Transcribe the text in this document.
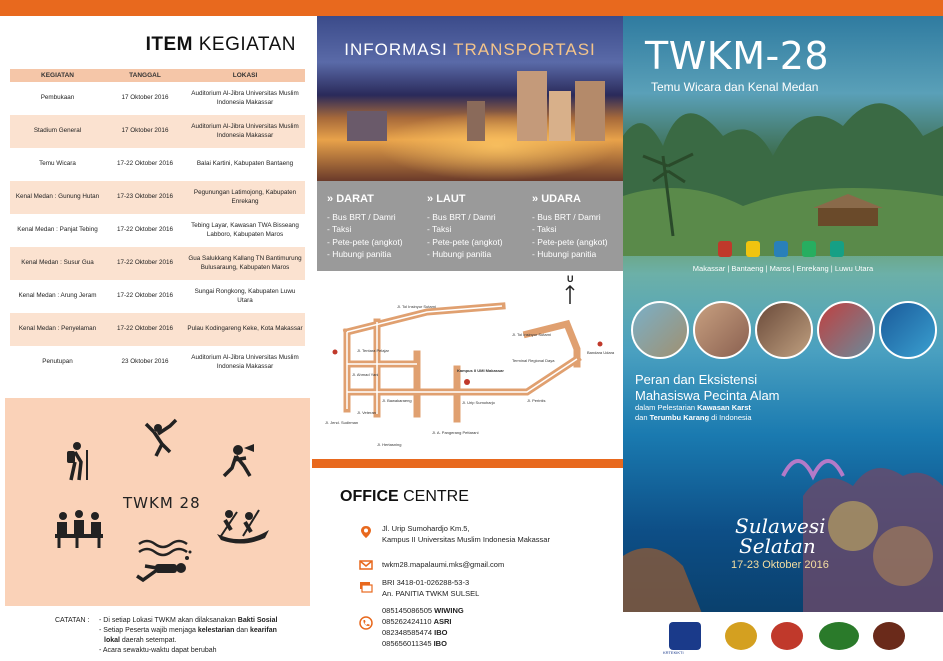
ITEM KEGIATAN
KEGIATAN	TANGGAL	LOKASI
Pembukaan	17 Oktober 2016	Auditorium Al-Jibra Universitas Muslim Indonesia Makassar
Stadium General	17 Oktober 2016	Auditorium Al-Jibra Universitas Muslim Indonesia Makassar
Temu Wicara	17-22 Oktober 2016	Balai Kartini, Kabupaten Bantaeng
Kenal Medan : Gunung Hutan	17-23 Oktober 2016	Pegunungan Latimojong, Kabupaten Enrekang
Kenal Medan : Panjat Tebing	17-22 Oktober 2016	Tebing Layar, Kawasan TWA Bisseang Labboro, Kabupaten Maros
Kenal Medan : Susur Gua	17-22 Oktober 2016	Gua Salukkang Kallang TN Bantimurung Bulusaraung, Kabupaten Maros
Kenal Medan : Arung Jeram	17-22 Oktober 2016	Sungai Rongkong, Kabupaten Luwu Utara
Kenal Medan : Penyelaman	17-22 Oktober 2016	Pulau Kodingareng Keke, Kota Makassar
Penutupan	23 Oktober 2016	Auditorium Al-Jibra Universitas Muslim Indonesia Makassar
TWKM 28
CATATAN :	- Di setiap Lokasi TWKM akan dilaksanakan Bakti Sosial
- Setiap Peserta wajib menjaga kelestarian dan kearifan
lokal daerah setempat.
- Acara sewaktu-waktu dapat berubah
INFORMASI TRANSPORTASI
» DARAT
- Bus BRT / Damri
- Taksi
- Pete-pete (angkot)
- Hubungi panitia
» LAUT
- Bus BRT / Damri
- Taksi
- Pete-pete (angkot)
- Hubungi panitia
» UDARA
- Bus BRT / Damri
- Taksi
- Pete-pete (angkot)
- Hubungi panitia
U
Jl. Tol Insinyur Sutami
Jl. Tol Insinyur Sutami
Jl. Tentara Pelajar
Jl. Ahmad Yani
Jl. Bawakaraeng	Jl. Urip Sumoharjo	Jl. Perintis
Kampus II UMI Makassar
Terminal Regional Daya
Bandara Udara
Jl. Jend. Sudirman
Jl. A. Pangerang Pettarani
Jl. Hertasning
Jl. Veteran
OFFICE CENTRE
Jl. Urip Sumohardjo Km.5,
Kampus II Universitas Muslim Indonesia Makassar
twkm28.mapalaumi.mks@gmail.com
BRI 3418-01-026288-53-3
An. PANITIA TWKM SULSEL
085145086505 WIWING
085262424110 ASRI
082348585474 IBO
085656011345 IBO
TWKM-28
Temu Wicara dan Kenal Medan
Makassar | Bantaeng | Maros | Enrekang | Luwu Utara
Peran dan Eksistensi
Mahasiswa Pecinta Alam
dalam Pelestarian Kawasan Karst
dan Terumbu Karang di Indonesia
Sulawesi
Selatan
17-23 Oktober 2016
KRTEKIKTI
